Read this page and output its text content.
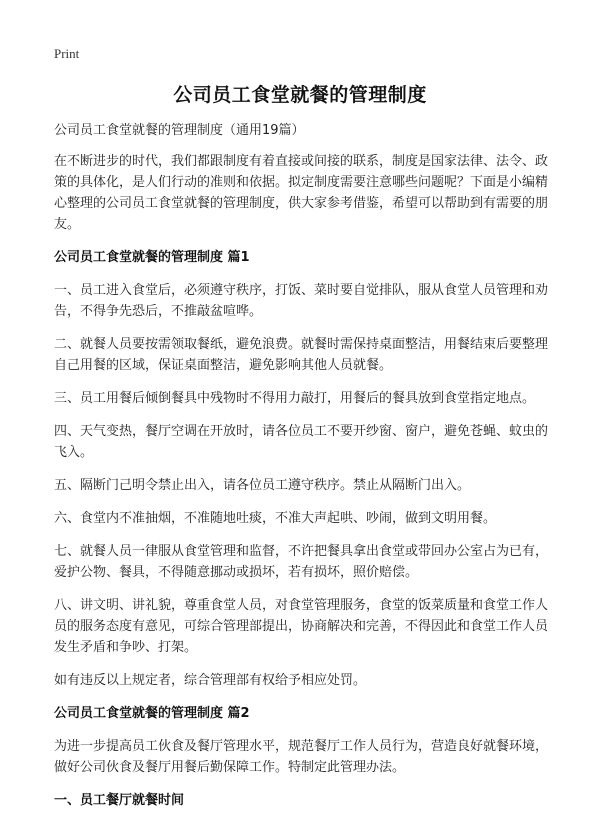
Print
公司员工食堂就餐的管理制度

公司员工食堂就餐的管理制度（通用19篇）

在不断进步的时代，我们都跟制度有着直接或间接的联系，制度是国家法律、法令、政策的具体化，是人们行动的准则和依据。拟定制度需要注意哪些问题呢？下面是小编精心整理的公司员工食堂就餐的管理制度，供大家参考借鉴，希望可以帮助到有需要的朋友。

公司员工食堂就餐的管理制度 篇1

一、员工进入食堂后，必须遵守秩序，打饭、菜时要自觉排队，服从食堂人员管理和劝告，不得争先恐后，不推敲盆喧哗。

二、就餐人员要按需领取餐纸，避免浪费。就餐时需保持桌面整洁，用餐结束后要整理自己用餐的区域，保证桌面整洁，避免影响其他人员就餐。

三、员工用餐后倾倒餐具中残物时不得用力敲打，用餐后的餐具放到食堂指定地点。

四、天气变热，餐厅空调在开放时，请各位员工不要开纱窗、窗户，避免苍蝇、蚊虫的飞入。

五、隔断门己明令禁止出入，请各位员工遵守秩序。禁止从隔断门出入。

六、食堂内不准抽烟，不准随地吐痰，不准大声起哄、吵闹，做到文明用餐。

七、就餐人员一律服从食堂管理和监督，不许把餐具拿出食堂或带回办公室占为已有，爱护公物、餐具，不得随意挪动或损坏，若有损坏，照价赔偿。

八、讲文明、讲礼貌，尊重食堂人员，对食堂管理服务，食堂的饭菜质量和食堂工作人员的服务态度有意见，可综合管理部提出，协商解决和完善，不得因此和食堂工作人员发生矛盾和争吵、打架。

如有违反以上规定者，综合管理部有权给予相应处罚。

公司员工食堂就餐的管理制度 篇2

为进一步提高员工伙食及餐厅管理水平，规范餐厅工作人员行为，营造良好就餐环境，做好公司伙食及餐厅用餐后勤保障工作。特制定此管理办法。

一、员工餐厅就餐时间
